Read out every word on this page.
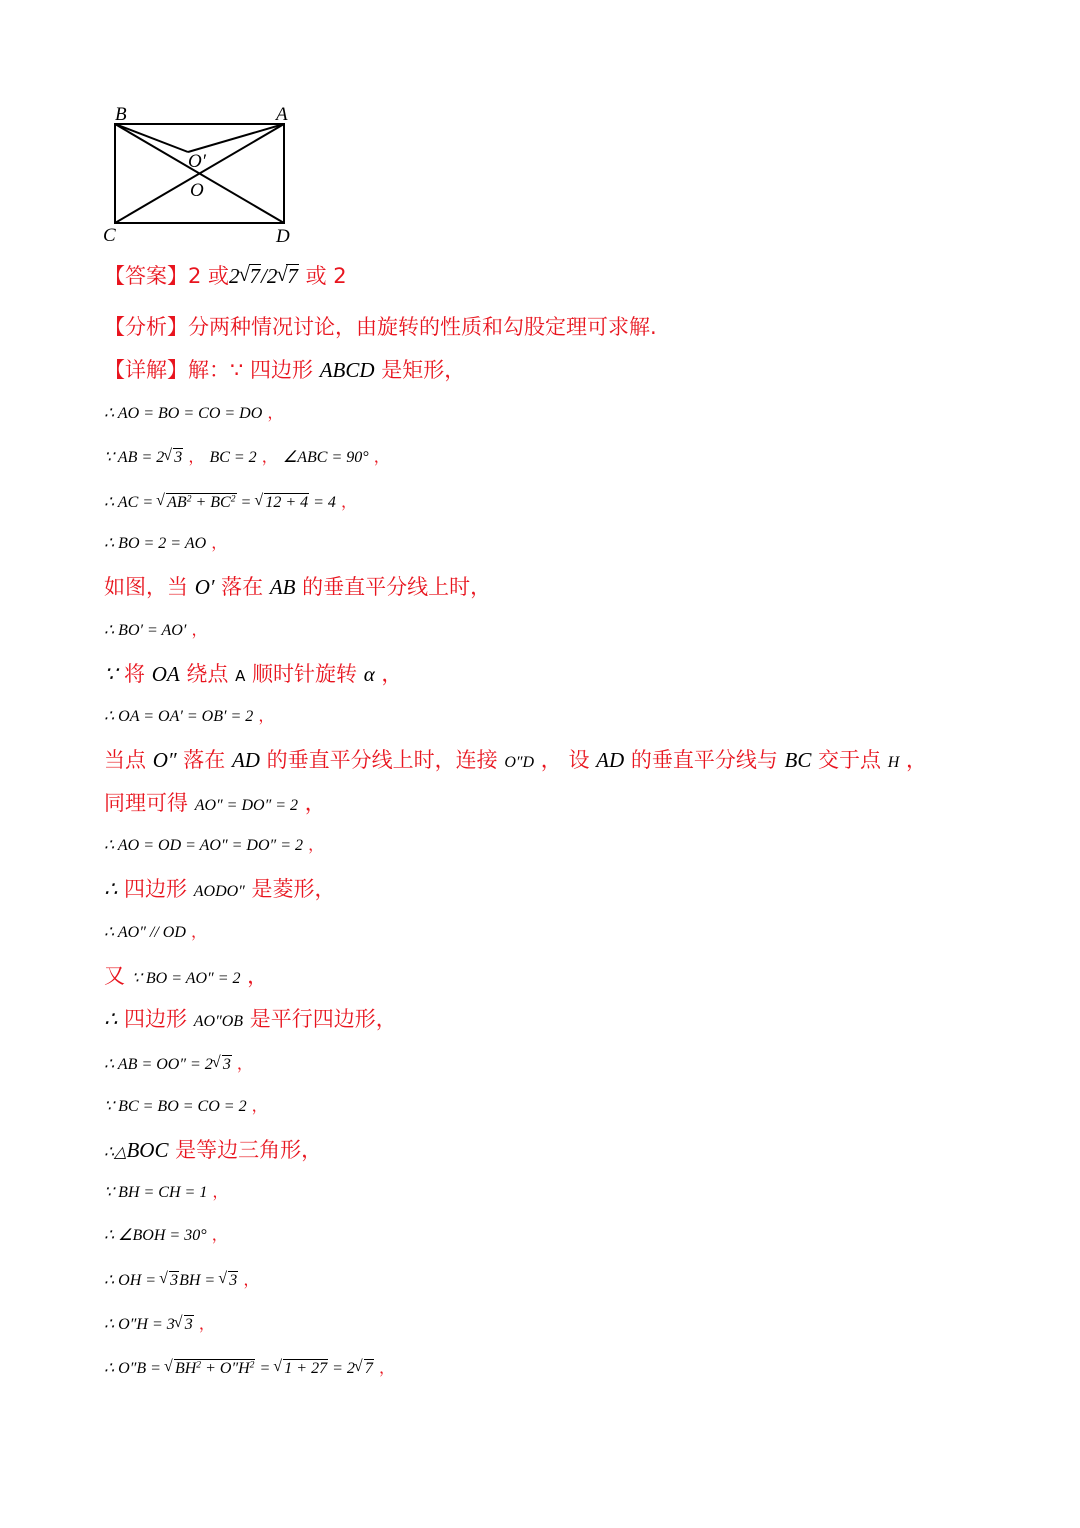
B	A
C	D
O′
O
【答案】2 或2 √ 7/2 √ 7 或 2
【分析】分两种情况讨论，由旋转的性质和勾股定理可求解.
【详解】解：∵ 四边形 ABCD 是矩形，
∴ AO = BO = CO = DO ，
∵ AB = 2 √ 3 ， BC = 2 ， ∠ABC = 90° ，
∴ AC = √ $AB^2 + BC^2$ = √ 12 + 4 = 4 ，
∴ BO = 2 = AO ，
如图，当 O′ 落在 AB 的垂直平分线上时，
∴ BO′ = AO′ ，
∵ 将 OA 绕点 A 顺时针旋转 α ，
∴ OA = OA′ = OB′ = 2 ，
当点 O″ 落在 AD 的垂直平分线上时，连接 O″D ， 设 AD 的垂直平分线与 BC 交于点 H ，
同理可得 AO″ = DO″ = 2 ，
∴ AO = OD = AO″ = DO″ = 2 ，
∴ 四边形 AODO″ 是菱形，
∴ AO″ // OD ，
又 ∵ BO = AO″ = 2 ，
∴ 四边形 AO″OB 是平行四边形，
∴ AB = OO″ = 2 √ 3 ，
∵ BC = BO = CO = 2 ，
∴△BOC 是等边三角形，
∵ BH = CH = 1 ，
∴ ∠BOH = 30° ，
∴ OH = √ 3BH = √ 3 ，
∴ O″H = 3 √ 3 ，
∴ O″B = √ $BH^2 + O''H^2$ = √ 1 + 27 = 2 √ 7 ，
